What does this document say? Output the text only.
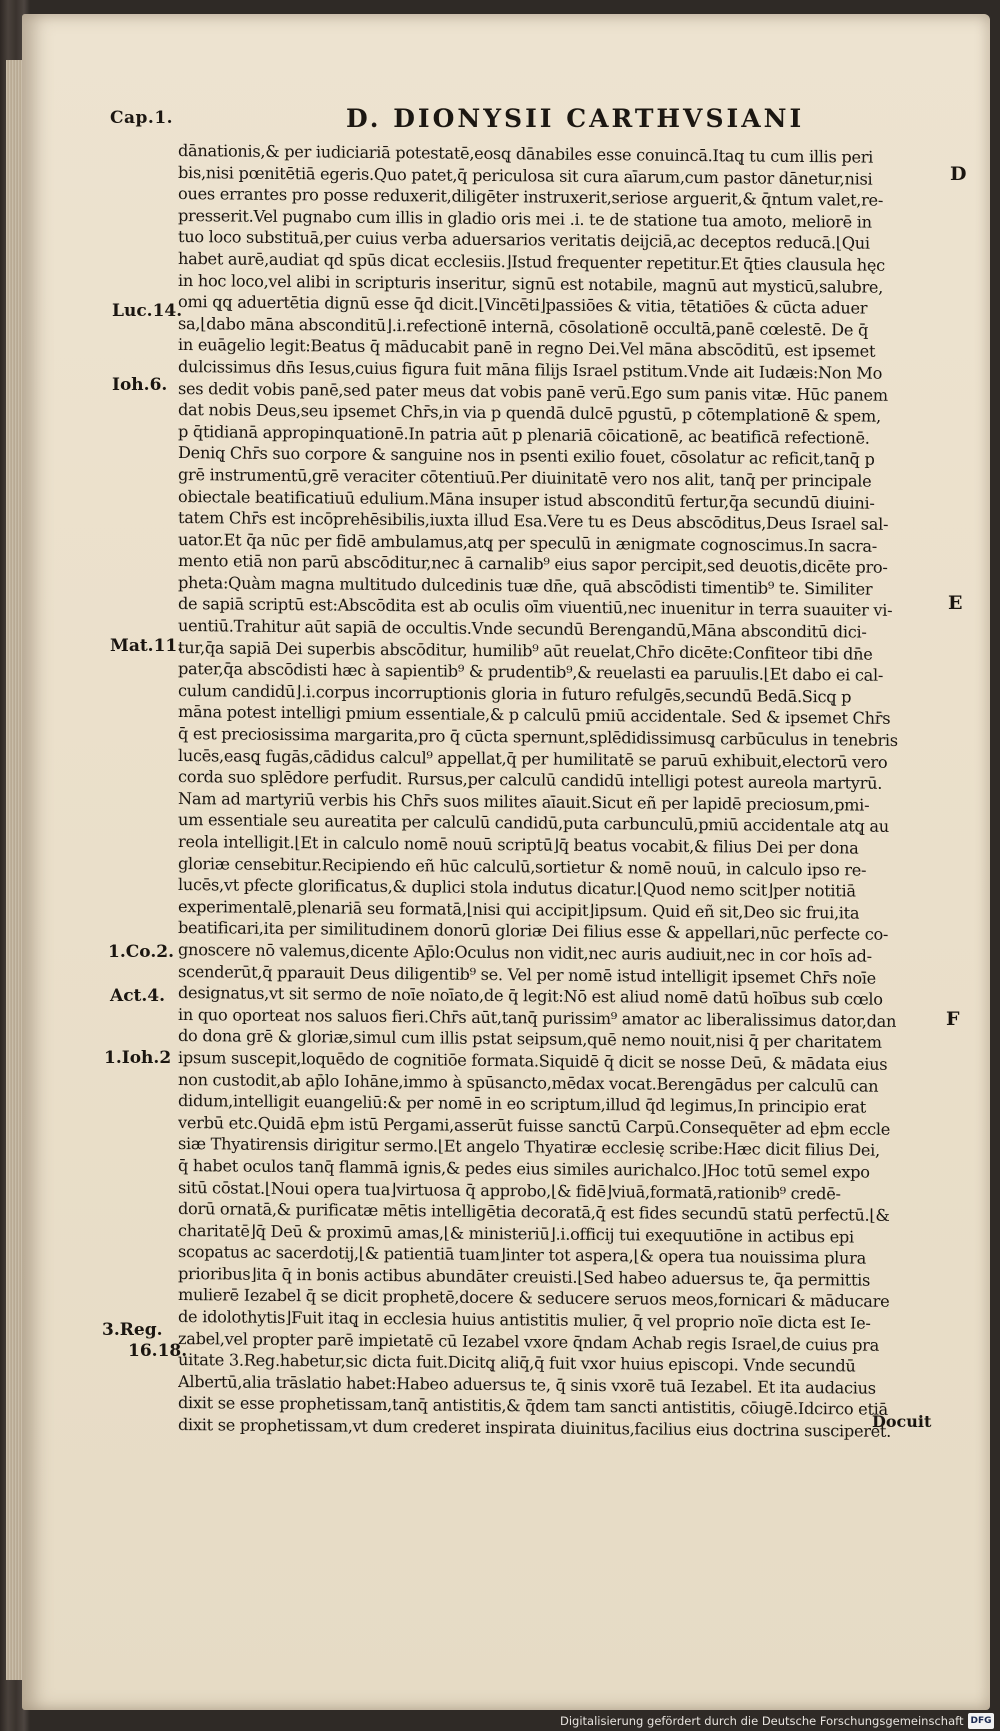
Cap.1.	D. DIONYSII CARTHVSIANI
dānationis,& per iudiciariā potestatē,eosq̨ dānabiles esse conuincā.Itaq̨ tu cum illis peri
bis,nisi pœnitētiā egeris.Quo patet,q̄ periculosa sit cura aīarum,cum pastor dānetur,nisi
oues errantes pro posse reduxerit,diligēter instruxerit,seriose arguerit,& q̄ntum valet,re-
presserit.Vel pugnabo cum illis in gladio oris mei .i. te de statione tua amoto, meliorē in
tuo loco substituā,per cuius verba aduersarios veritatis deijciā,ac deceptos reducā.⌊Qui
habet aurē,audiat qd spūs dicat ecclesiis.⌋Istud frequenter repetitur.Et q̄ties clausula hęc
in hoc loco,vel alibi in scripturis inseritur, signū est notabile, magnū aut mysticū,salubre,
omi q̨q̨ aduertētia dignū esse q̄d dicit.⌊Vincēti⌋passiōes & vitia, tētatiōes & cūcta aduer
sa,⌊dabo māna absconditū⌋.i.refectionē internā, cōsolationē occultā,panē cœlestē. De q̄
in euāgelio legit:Beatus q̄ māducabit panē in regno Dei.Vel māna abscōditū, est ipsemet
dulcissimus dn̄s Iesus,cuius figura fuit māna filijs Israel pstitum.Vnde ait Iudæis:Non Mo
ses dedit vobis panē,sed pater meus dat vobis panē verū.Ego sum panis vitæ. Hūc panem
dat nobis Deus,seu ipsemet Chr̄s,in via p quendā dulcē pgustū, p cōtemplationē & spem,
p q̄tidianā appropinquationē.In patria aūt p plenariā cōicationē, ac beatificā refectionē.
Deniq̨ Chr̄s suo corpore & sanguine nos in psenti exilio fouet, cōsolatur ac reficit,tanq̄ p
grē instrumentū,grē veraciter cōtentiuū.Per diuinitatē vero nos alit, tanq̄ per principale
obiectale beatificatiuū edulium.Māna insuper istud absconditū fertur,q̄a secundū diuini-
tatem Chr̄s est incōprehēsibilis,iuxta illud Esa.Vere tu es Deus abscōditus,Deus Israel sal-
uator.Et q̄a nūc per fidē ambulamus,atq̨ per speculū in ænigmate cognoscimus.In sacra-
mento etiā non parū abscōditur,nec ā carnalib⁹ eius sapor percipit,sed deuotis,dicēte pro-
pheta:Quàm magna multitudo dulcedinis tuæ dn̄e, quā abscōdisti timentib⁹ te. Similiter
de sapiā scriptū est:Abscōdita est ab oculis oīm viuentiū,nec inuenitur in terra suauiter vi-
uentiū.Trahitur aūt sapiā de occultis.Vnde secundū Berengandū,Māna absconditū dici-
tur,q̄a sapiā Dei superbis abscōditur, humilib⁹ aūt reuelat,Chr̄o dicēte:Confiteor tibi dn̄e
pater,q̄a abscōdisti hæc à sapientib⁹ & prudentib⁹,& reuelasti ea paruulis.⌊Et dabo ei cal-
culum candidū⌋.i.corpus incorruptionis gloria in futuro refulgēs,secundū Bedā.Sicq̨ p
māna potest intelligi pmium essentiale,& p calculū pmiū accidentale. Sed & ipsemet Chr̄s
q̄ est preciosissima margarita,pro q̄ cūcta spernunt,splēdidissimusq̨ carbūculus in tenebris
lucēs,easq̨ fugās,cādidus calcul⁹ appellat,q̄ per humilitatē se paruū exhibuit,electorū vero
corda suo splēdore perfudit. Rursus,per calculū candidū intelligi potest aureola martyrū.
Nam ad martyriū verbis his Chr̄s suos milites aīauit.Sicut eñ per lapidē preciosum,pmi-
um essentiale seu aureatita per calculū candidū,puta carbunculū,pmiū accidentale atq̨ au
reola intelligit.⌊Et in calculo nomē nouū scriptū⌋q̄ beatus vocabit,& filius Dei per dona
gloriæ censebitur.Recipiendo eñ hūc calculū,sortietur & nomē nouū, in calculo ipso re-
lucēs,vt pfecte glorificatus,& duplici stola indutus dicatur.⌊Quod nemo scit⌋per notitiā
experimentalē,plenariā seu formatā,⌊nisi qui accipit⌋ipsum. Quid eñ sit,Deo sic frui,ita
beatificari,ita per similitudinem donorū gloriæ Dei filius esse & appellari,nūc perfecte co-
gnoscere nō valemus,dicente Ap̄lo:Oculus non vidit,nec auris audiuit,nec in cor hoīs ad-
scenderūt,q̄ pparauit Deus diligentib⁹ se. Vel per nomē istud intelligit ipsemet Chr̄s noīe
designatus,vt sit sermo de noīe noīato,de q̄ legit:Nō est aliud nomē datū hoībus sub cœlo
in quo oporteat nos saluos fieri.Chr̄s aūt,tanq̄ purissim⁹ amator ac liberalissimus dator,dan
do dona grē & gloriæ,simul cum illis pstat seipsum,quē nemo nouit,nisi q̄ per charitatem
ipsum suscepit,loquēdo de cognitiōe formata.Siquidē q̄ dicit se nosse Deū, & mādata eius
non custodit,ab ap̄lo Iohāne,immo à spūsancto,mēdax vocat.Berengādus per calculū can
didum,intelligit euangeliū:& per nomē in eo scriptum,illud q̄d legimus,In principio erat
verbū etc.Quidā eþm istū Pergami,asserūt fuisse sanctū Carpū.Consequēter ad eþm eccle
siæ Thyatirensis dirigitur sermo.⌊Et angelo Thyatiræ ecclesię scribe:Hæc dicit filius Dei,
q̄ habet oculos tanq̄ flammā ignis,& pedes eius similes aurichalco.⌋Hoc totū semel expo
sitū cōstat.⌊Noui opera tua⌋virtuosa q̄ approbo,⌊& fidē⌋viuā,formatā,rationib⁹ credē-
dorū ornatā,& purificatæ mētis intelligētia decoratā,q̄ est fides secundū statū perfectū.⌊&
charitatē⌋q̄ Deū & proximū amas,⌊& ministeriū⌋.i.officij tui exequutiōne in actibus epi
scopatus ac sacerdotij,⌊& patientiā tuam⌋inter tot aspera,⌊& opera tua nouissima plura
prioribus⌋ita q̄ in bonis actibus abundāter creuisti.⌊Sed habeo aduersus te, q̄a permittis
mulierē Iezabel q̄ se dicit prophetē,docere & seducere seruos meos,fornicari & māducare
de idolothytis⌋Fuit itaq̨ in ecclesia huius antistitis mulier, q̄ vel proprio noīe dicta est Ie-
zabel,vel propter parē impietatē cū Iezabel vxore q̄ndam Achab regis Israel,de cuius pra
uitate 3.Reg.habetur,sic dicta fuit.Dicitq̨ aliq̄,q̄ fuit vxor huius episcopi. Vnde secundū
Albertū,alia trāslatio habet:Habeo aduersus te, q̄ sinis vxorē tuā Iezabel. Et ita audacius
dixit se esse prophetissam,tanq̄ antistitis,& q̄dem tam sancti antistitis, cōiugē.Idcirco etiā
dixit se prophetissam,vt dum crederet inspirata diuinitus,facilius eius doctrina susciperet.
Luc.14.
Ioh.6.
Mat.11.
1.Co.2.
Act.4.
1.Ioh.2
3.Reg.
16.18.
D
E
F
Docuit
Digitalisierung gefördert durch die Deutsche Forschungsgemeinschaft DFG
